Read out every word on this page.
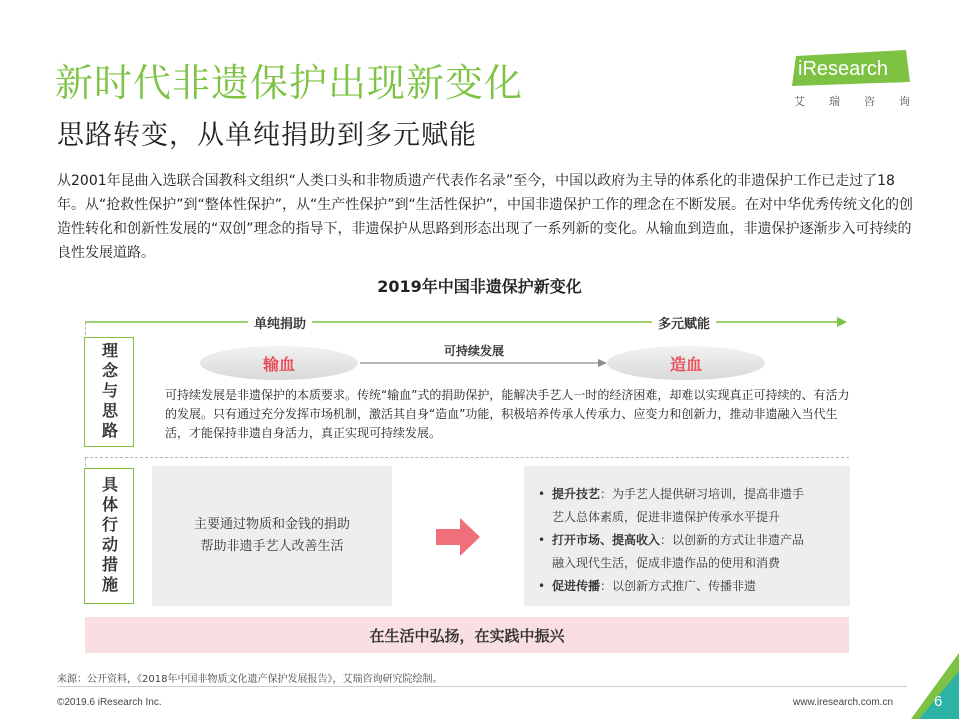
新时代非遗保护出现新变化
思路转变，从单纯捐助到多元赋能
iResearch
艾 瑞 咨 询
从2001年昆曲入选联合国教科文组织“人类口头和非物质遗产代表作名录”至今，中国以政府为主导的体系化的非遗保护工作已走过了18年。从“抢救性保护”到“整体性保护”，从“生产性保护”到“生活性保护”，中国非遗保护工作的理念在不断发展。在对中华优秀传统文化的创造性转化和创新性发展的“双创”理念的指导下，非遗保护从思路到形态出现了一系列新的变化。从输血到造血，非遗保护逐渐步入可持续的良性发展道路。
2019年中国非遗保护新变化
单纯捐助	多元赋能
理念与思路	输血
可持续发展
造血
可持续发展是非遗保护的本质要求。传统“输血”式的捐助保护，能解决手艺人一时的经济困难，却难以实现真正可持续的、有活力的发展。只有通过充分发挥市场机制，激活其自身“造血”功能，积极培养传承人传承力、应变力和创新力，推动非遗融入当代生活，才能保持非遗自身活力，真正实现可持续发展。
具体行动措施	主要通过物质和金钱的捐助
帮助非遗手艺人改善生活
• 提升技艺：为手艺人提供研习培训，提高非遗手
艺人总体素质，促进非遗保护传承水平提升
• 打开市场、提高收入：以创新的方式让非遗产品
融入现代生活，促成非遗作品的使用和消费
• 促进传播：以创新方式推广、传播非遗
在生活中弘扬，在实践中振兴
来源：公开资料，《2018年中国非物质文化遗产保护发展报告》，艾瑞咨询研究院绘制。
©2019.6 iResearch Inc.	www.iresearch.com.cn	6
